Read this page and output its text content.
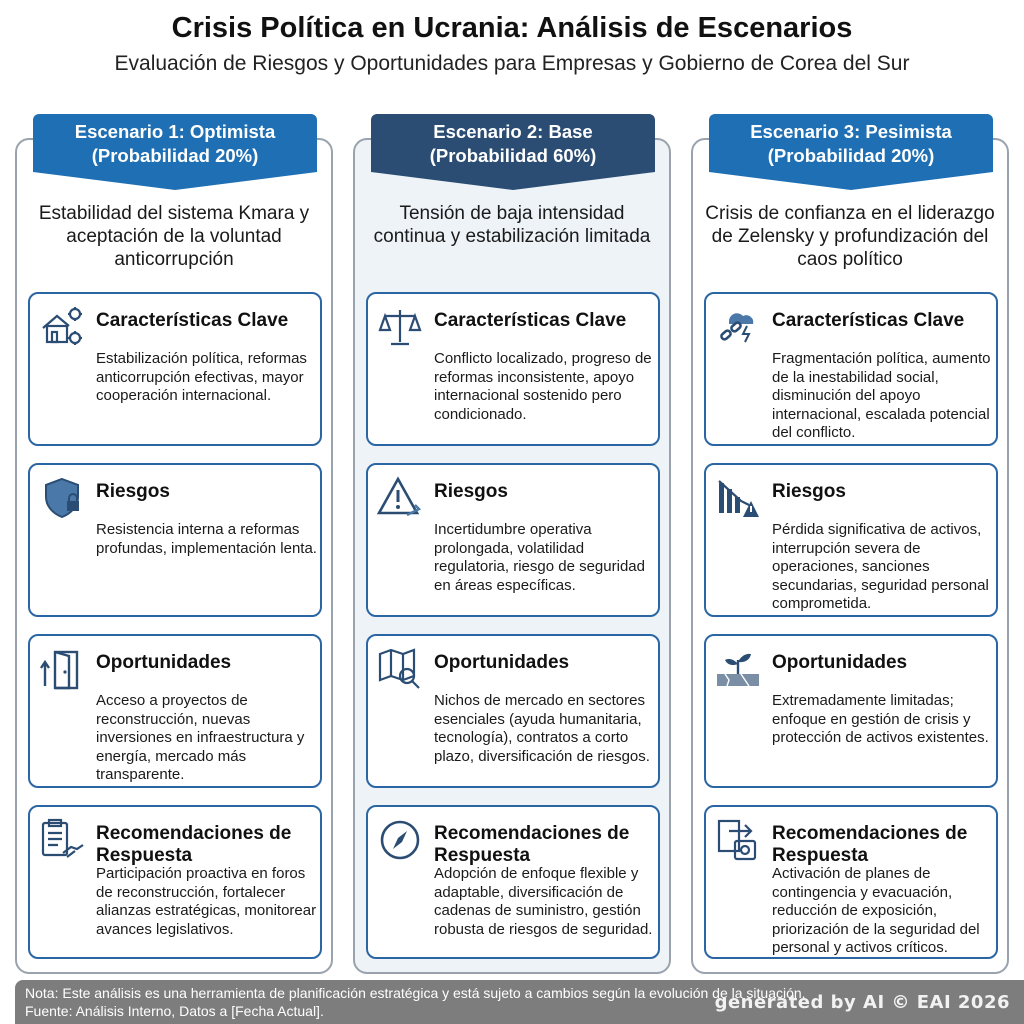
Crisis Política en Ucrania: Análisis de Escenarios
Evaluación de Riesgos y Oportunidades para Empresas y Gobierno de Corea del Sur
Escenario 1: Optimista
(Probabilidad 20%)
Estabilidad del sistema Kmara y aceptación de la voluntad anticorrupción
Características Clave
Estabilización política, reformas anticorrupción efectivas, mayor cooperación internacional.
Riesgos
Resistencia interna a reformas profundas, implementación lenta.
Oportunidades
Acceso a proyectos de reconstrucción, nuevas inversiones en infraestructura y energía, mercado más transparente.
Recomendaciones de Respuesta
Participación proactiva en foros de reconstrucción, fortalecer alianzas estratégicas, monitorear avances legislativos.
Escenario 2: Base
(Probabilidad 60%)
Tensión de baja intensidad continua y estabilización limitada
Características Clave
Conflicto localizado, progreso de reformas inconsistente, apoyo internacional sostenido pero condicionado.
Riesgos
Incertidumbre operativa prolongada, volatilidad regulatoria, riesgo de seguridad en áreas específicas.
Oportunidades
Nichos de mercado en sectores esenciales (ayuda humanitaria, tecnología), contratos a corto plazo, diversificación de riesgos.
Recomendaciones de Respuesta
Adopción de enfoque flexible y adaptable, diversificación de cadenas de suministro, gestión robusta de riesgos de seguridad.
Escenario 3: Pesimista
(Probabilidad 20%)
Crisis de confianza en el liderazgo de Zelensky y profundización del caos político
Características Clave
Fragmentación política, aumento de la inestabilidad social, disminución del apoyo internacional, escalada potencial del conflicto.
Riesgos
Pérdida significativa de activos, interrupción severa de operaciones, sanciones secundarias, seguridad personal comprometida.
Oportunidades
Extremadamente limitadas; enfoque en gestión de crisis y protección de activos existentes.
Recomendaciones de Respuesta
Activación de planes de contingencia y evacuación, reducción de exposición, priorización de la seguridad del personal y activos críticos.
Nota: Este análisis es una herramienta de planificación estratégica y está sujeto a cambios según la evolución de la situación.
Fuente: Análisis Interno, Datos a [Fecha Actual].	generated by AI © EAI 2026
